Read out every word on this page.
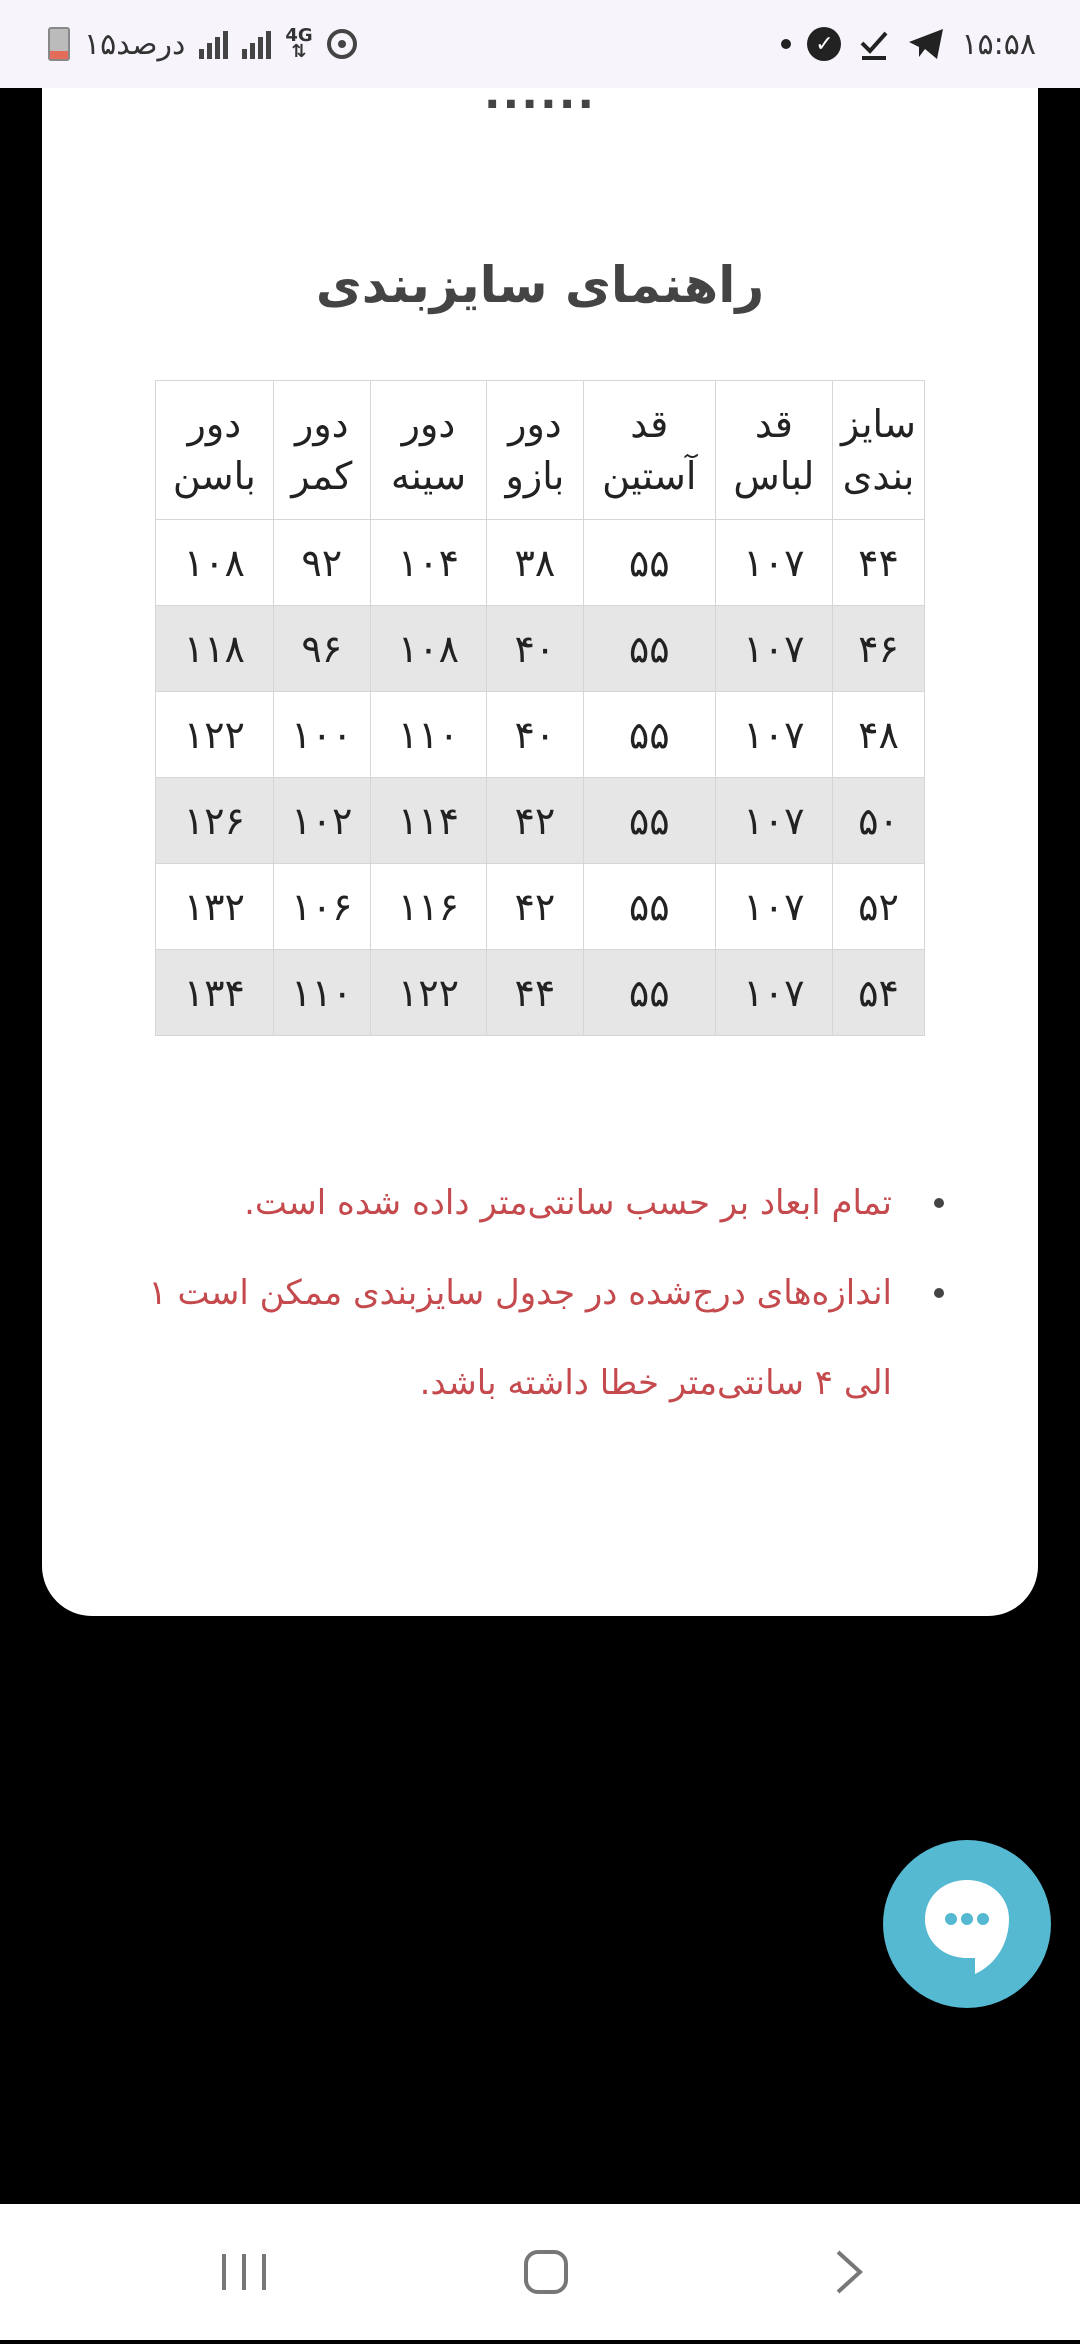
۱۵درصد	4G
⇅	✓	۱۵:۵۸
......
راهنمای سایزبندی
سایز بندی	قد لباس	قد آستین	دور بازو	دور سینه	دور کمر	دور باسن
۴۴	۱۰۷	۵۵	۳۸	۱۰۴	۹۲	۱۰۸
۴۶	۱۰۷	۵۵	۴۰	۱۰۸	۹۶	۱۱۸
۴۸	۱۰۷	۵۵	۴۰	۱۱۰	۱۰۰	۱۲۲
۵۰	۱۰۷	۵۵	۴۲	۱۱۴	۱۰۲	۱۲۶
۵۲	۱۰۷	۵۵	۴۲	۱۱۶	۱۰۶	۱۳۲
۵۴	۱۰۷	۵۵	۴۴	۱۲۲	۱۱۰	۱۳۴
تمام ابعاد بر حسب سانتی‌متر داده شده است.
اندازه‌های درج‌شده در جدول سایزبندی ممکن است ۱ الی ۴ سانتی‌متر خطا داشته باشد.
